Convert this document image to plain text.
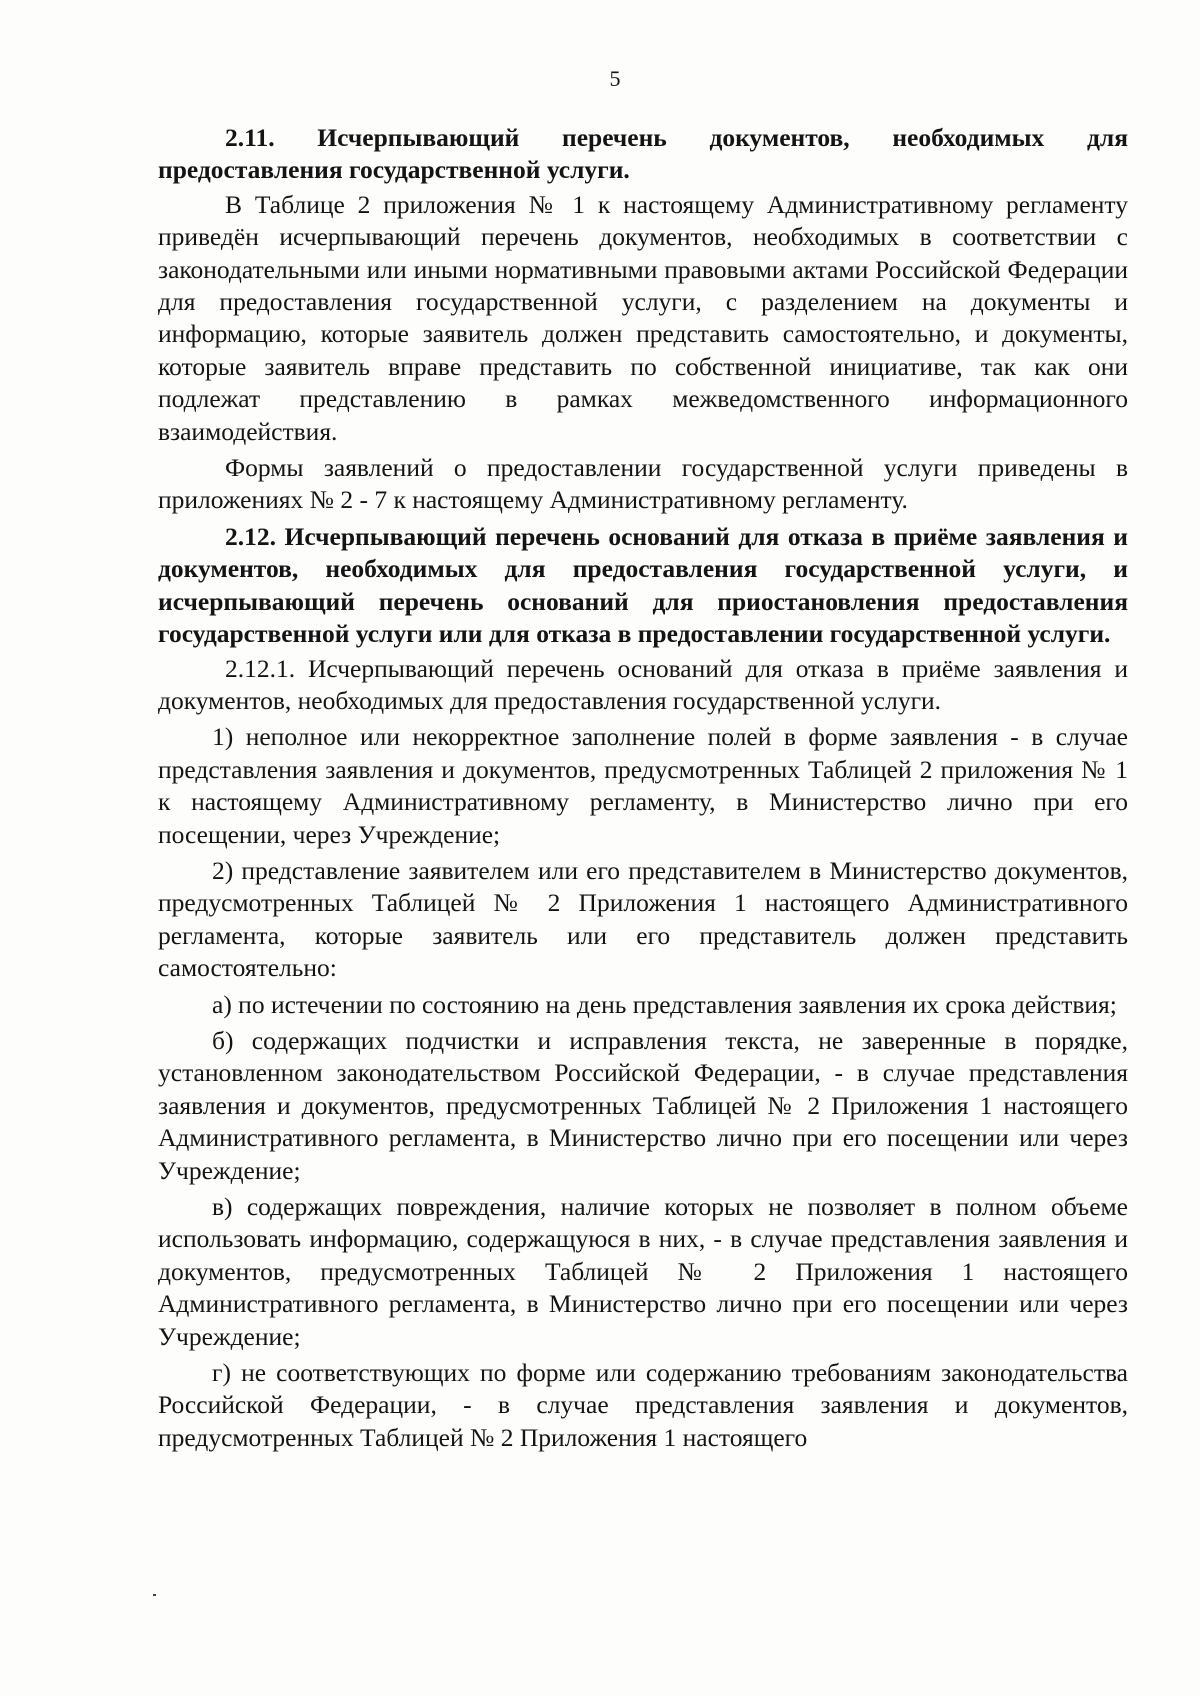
5

2.11. Исчерпывающий перечень документов, необходимых для предоставления государственной услуги.

В Таблице 2 приложения № 1 к настоящему Административному регламенту приведён исчерпывающий перечень документов, необходимых в соответствии с законодательными или иными нормативными правовыми актами Российской Федерации для предоставления государственной услуги, с разделением на документы и информацию, которые заявитель должен представить самостоятельно, и документы, которые заявитель вправе представить по собственной инициативе, так как они подлежат представлению в рамках межведомственного информационного взаимодействия.

Формы заявлений о предоставлении государственной услуги приведены в приложениях № 2 - 7 к настоящему Административному регламенту.

2.12. Исчерпывающий перечень оснований для отказа в приёме заявления и документов, необходимых для предоставления государственной услуги, и исчерпывающий перечень оснований для приостановления предоставления государственной услуги или для отказа в предоставлении государственной услуги.

2.12.1. Исчерпывающий перечень оснований для отказа в приёме заявления и документов, необходимых для предоставления государственной услуги.

1) неполное или некорректное заполнение полей в форме заявления - в случае представления заявления и документов, предусмотренных Таблицей 2 приложения № 1 к настоящему Административному регламенту, в Министерство лично при его посещении, через Учреждение;

2) представление заявителем или его представителем в Министерство документов, предусмотренных Таблицей № 2 Приложения 1 настоящего Административного регламента, которые заявитель или его представитель должен представить самостоятельно:

а) по истечении по состоянию на день представления заявления их срока действия;

б) содержащих подчистки и исправления текста, не заверенные в порядке, установленном законодательством Российской Федерации, - в случае представления заявления и документов, предусмотренных Таблицей № 2 Приложения 1 настоящего Административного регламента, в Министерство лично при его посещении или через Учреждение;

в) содержащих повреждения, наличие которых не позволяет в полном объеме использовать информацию, содержащуюся в них, - в случае представления заявления и документов, предусмотренных Таблицей № 2 Приложения 1 настоящего Административного регламента, в Министерство лично при его посещении или через Учреждение;

г) не соответствующих по форме или содержанию требованиям законодательства Российской Федерации, - в случае представления заявления и документов, предусмотренных Таблицей № 2 Приложения 1 настоящего
